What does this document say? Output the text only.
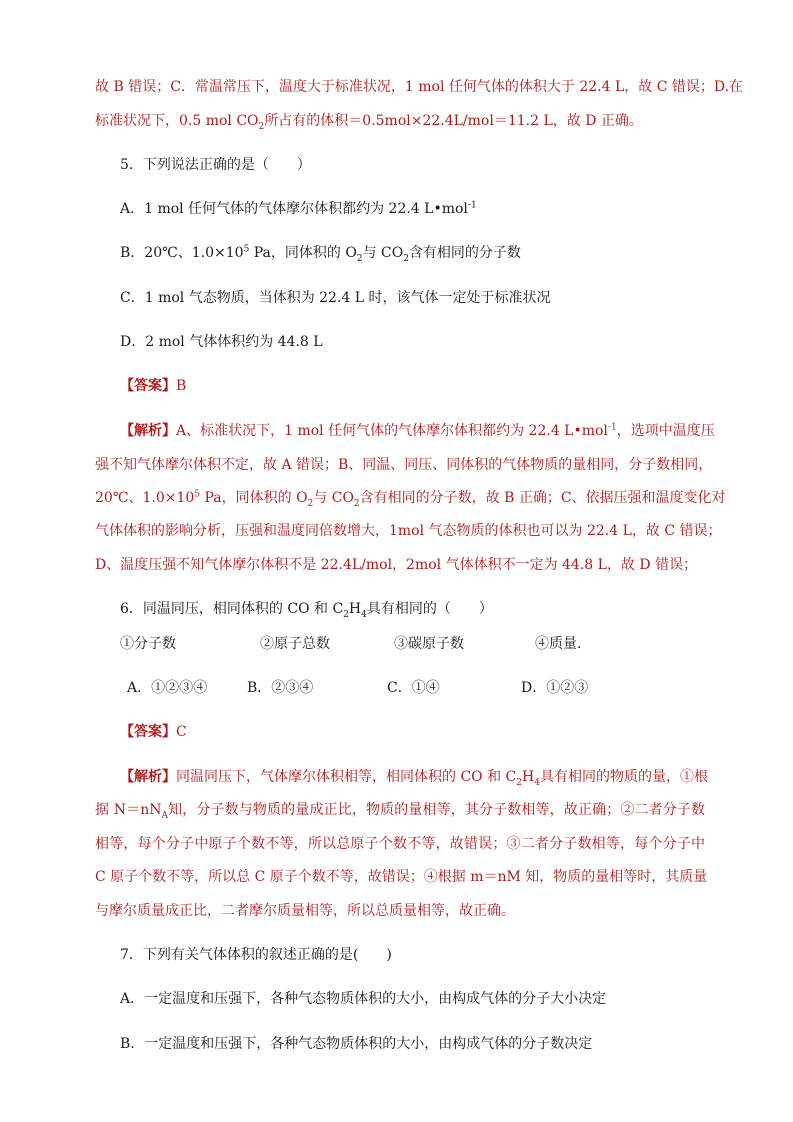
故 B 错误；C．常温常压下，温度大于标准状况，1 mol 任何气体的体积大于 22.4 L，故 C 错误；D.在
标准状况下，0.5 mol $CO_2$所占有的体积＝0.5mol×22.4L/mol＝11.2 L，故 D 正确。
5．下列说法正确的是（　　）
A．1 mol 任何气体的气体摩尔体积都约为 22.4 L•mol$^{-1}$
B．20℃、$1.0\times 10^5$ Pa，同体积的 $O_2$与 $CO_2$含有相同的分子数
C．1 mol 气态物质，当体积为 22.4 L 时，该气体一定处于标准状况
D．2 mol 气体体积约为 44.8 L
【答案】B
【解析】A、标准状况下，1 mol 任何气体的气体摩尔体积都约为 22.4 L•mol$^{-1}$，选项中温度压
强不知气体摩尔体积不定，故 A 错误；B、同温、同压、同体积的气体物质的量相同，分子数相同，
20℃、$1.0\times 10^5$ Pa，同体积的 $O_2$与 $CO_2$含有相同的分子数，故 B 正确；C、依据压强和温度变化对
气体体积的影响分析，压强和温度同倍数增大，1mol 气态物质的体积也可以为 22.4 L，故 C 错误；
D、温度压强不知气体摩尔体积不是 22.4L/mol，2mol 气体体积不一定为 44.8 L，故 D 错误；
6．同温同压，相同体积的 CO 和 $C_2H_4$具有相同的（　　）
①分子数	②原子总数	③碳原子数	④质量．
A．①②③④	B．②③④	C．①④	D．①②③
【答案】C
【解析】同温同压下，气体摩尔体积相等，相同体积的 CO 和 $C_2H_4$具有相同的物质的量，①根
据 $N=nN_A$知，分子数与物质的量成正比，物质的量相等，其分子数相等，故正确；②二者分子数
相等，每个分子中原子个数不等，所以总原子个数不等，故错误；③二者分子数相等，每个分子中
C 原子个数不等，所以总 C 原子个数不等，故错误；④根据 m＝nM 知，物质的量相等时，其质量
与摩尔质量成正比，二者摩尔质量相等，所以总质量相等，故正确。
7．下列有关气体体积的叙述正确的是(　　)
A．一定温度和压强下，各种气态物质体积的大小，由构成气体的分子大小决定
B．一定温度和压强下，各种气态物质体积的大小，由构成气体的分子数决定
